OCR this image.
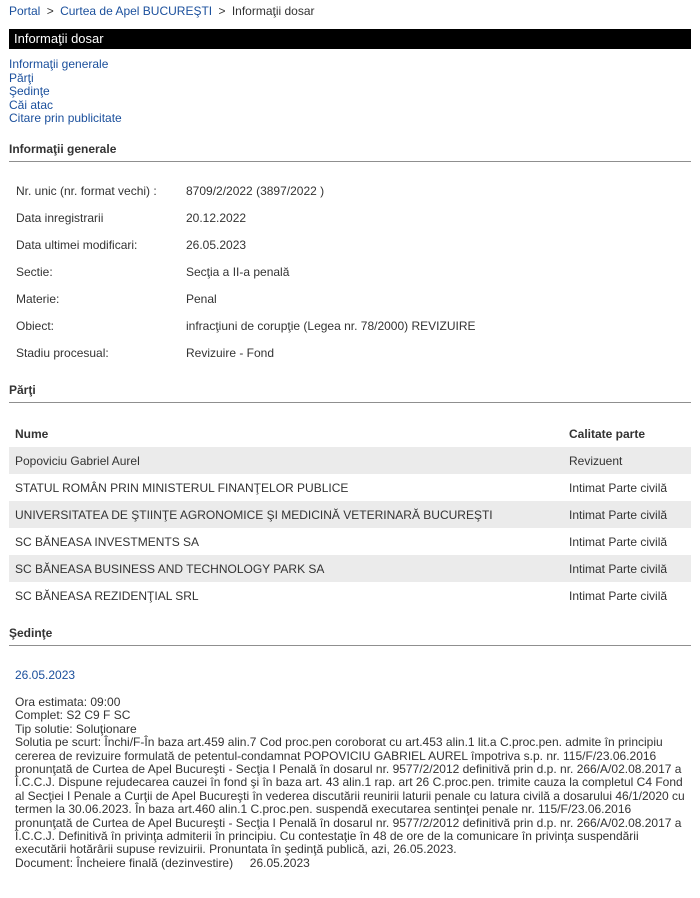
Portal > Curtea de Apel BUCUREŞTI > Informaţii dosar
Informaţii dosar
Informaţii generale
Părţi
Şedinţe
Căi atac
Citare prin publicitate
Informaţii generale
Nr. unic (nr. format vechi) : 8709/2/2022 (3897/2022 )
Data inregistrarii	20.12.2022
Data ultimei modificari:	26.05.2023
Sectie:	Secţia a II-a penală
Materie:	Penal
Obiect:	infracţiuni de corupţie (Legea nr. 78/2000) REVIZUIRE
Stadiu procesual:	Revizuire - Fond
Părţi
Nume	Calitate parte
Popoviciu Gabriel Aurel	Revizuent
STATUL ROMÂN PRIN MINISTERUL FINANŢELOR PUBLICE	Intimat Parte civilă
UNIVERSITATEA DE ŞTIINŢE AGRONOMICE ŞI MEDICINĂ VETERINARĂ BUCUREŞTI	Intimat Parte civilă
SC BĂNEASA INVESTMENTS SA	Intimat Parte civilă
SC BĂNEASA BUSINESS AND TECHNOLOGY PARK SA	Intimat Parte civilă
SC BĂNEASA REZIDENŢIAL SRL	Intimat Parte civilă
Şedinţe
26.05.2023
Ora estimata: 09:00
Complet: S2 C9 F SC
Tip solutie: Soluţionare
Solutia pe scurt: Închi/F-În baza art.459 alin.7 Cod proc.pen coroborat cu art.453 alin.1 lit.a C.proc.pen. admite în principiu cererea de revizuire formulată de petentul-condamnat POPOVICIU GABRIEL AUREL împotriva s.p. nr. 115/F/23.06.2016 pronunţată de Curtea de Apel Bucureşti - Secţia I Penală în dosarul nr. 9577/2/2012 definitivă prin d.p. nr. 266/A/02.08.2017 a Î.C.C.J. Dispune rejudecarea cauzei în fond şi în baza art. 43 alin.1 rap. art 26 C.proc.pen. trimite cauza la completul C4 Fond al Secţiei I Penale a Curţii de Apel Bucureşti în vederea discutării reunirii laturii penale cu latura civilă a dosarului 46/1/2020 cu termen la 30.06.2023. În baza art.460 alin.1 C.proc.pen. suspendă executarea sentinţei penale nr. 115/F/23.06.2016 pronunţată de Curtea de Apel Bucureşti - Secţia I Penală în dosarul nr. 9577/2/2012 definitivă prin d.p. nr. 266/A/02.08.2017 a Î.C.C.J. Definitivă în privinţa admiterii în principiu. Cu contestaţie în 48 de ore de la comunicare în privinţa suspendării executării hotărârii supuse revizuirii. Pronuntata în şedinţă publică, azi, 26.05.2023.
Document: Încheiere finală (dezinvestire)     26.05.2023
